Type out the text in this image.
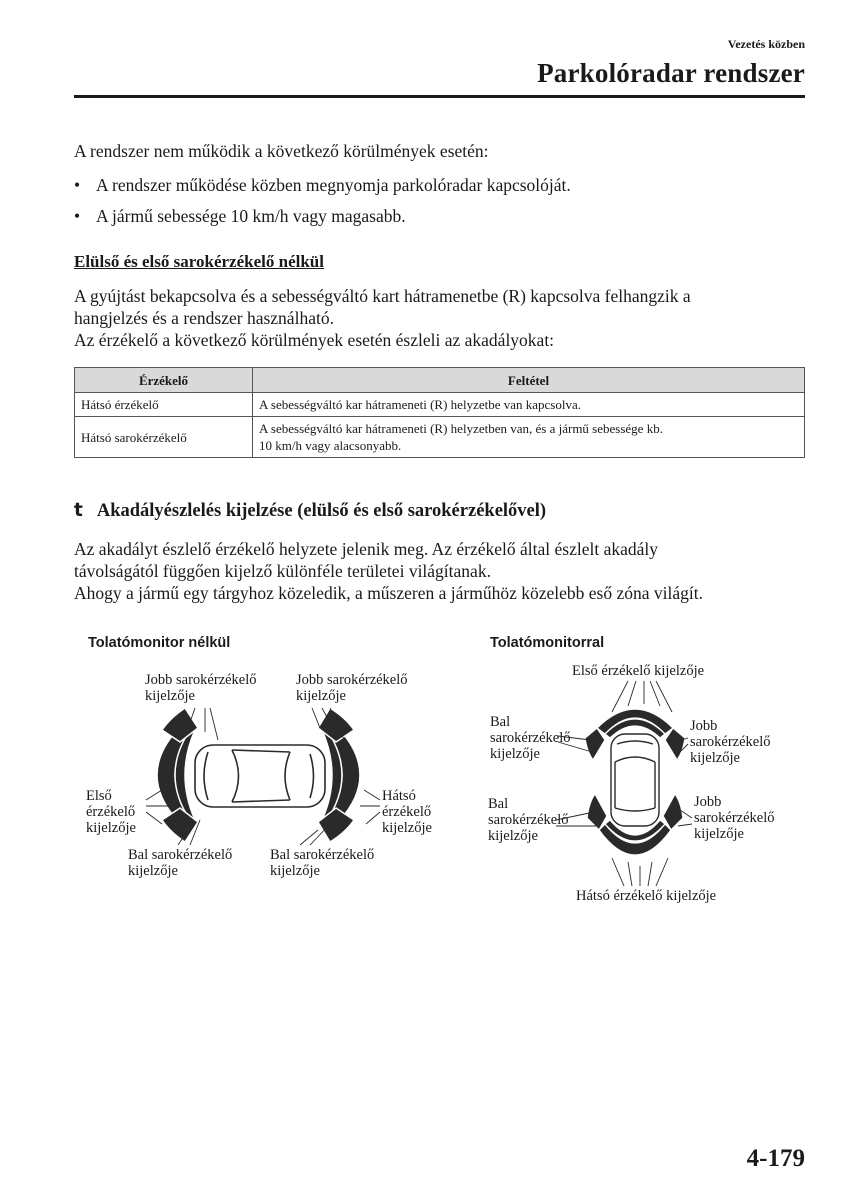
Vezetés közben
Parkolóradar rendszer
A rendszer nem működik a következő körülmények esetén:
• A rendszer működése közben megnyomja parkolóradar kapcsolóját.
• A jármű sebessége 10 km/h vagy magasabb.
Elülső és első sarokérzékelő nélkül
A gyújtást bekapcsolva és a sebességváltó kart hátramenetbe (R) kapcsolva felhangzik a
hangjelzés és a rendszer használható.
Az érzékelő a következő körülmények esetén észleli az akadályokat:
Érzékelő	Feltétel
Hátsó érzékelő	A sebességváltó kar hátrameneti (R) helyzetbe van kapcsolva.
Hátsó sarokérzékelő	A sebességváltó kar hátrameneti (R) helyzetben van, és a jármű sebessége kb.
10 km/h vagy alacsonyabb.
t Akadályészlelés kijelzése (elülső és első sarokérzékelővel)
Az akadályt észlelő érzékelő helyzete jelenik meg. Az érzékelő által észlelt akadály
távolságától függően kijelző különféle területei világítanak.
Ahogy a jármű egy tárgyhoz közeledik, a műszeren a járműhöz közelebb eső zóna világít.
Tolatómonitor nélkül
Jobb sarokérzékelő
kijelzője
Jobb sarokérzékelő
kijelzője
Első
érzékelő
kijelzője
Hátsó
érzékelő
kijelzője
Bal sarokérzékelő
kijelzője
Bal sarokérzékelő
kijelzője
Tolatómonitorral
Első érzékelő kijelzője
Bal
sarokérzékelő
kijelzője
Jobb
sarokérzékelő
kijelzője
Bal
sarokérzékelő
kijelzője
Jobb
sarokérzékelő
kijelzője
Hátsó érzékelő kijelzője
4-179
